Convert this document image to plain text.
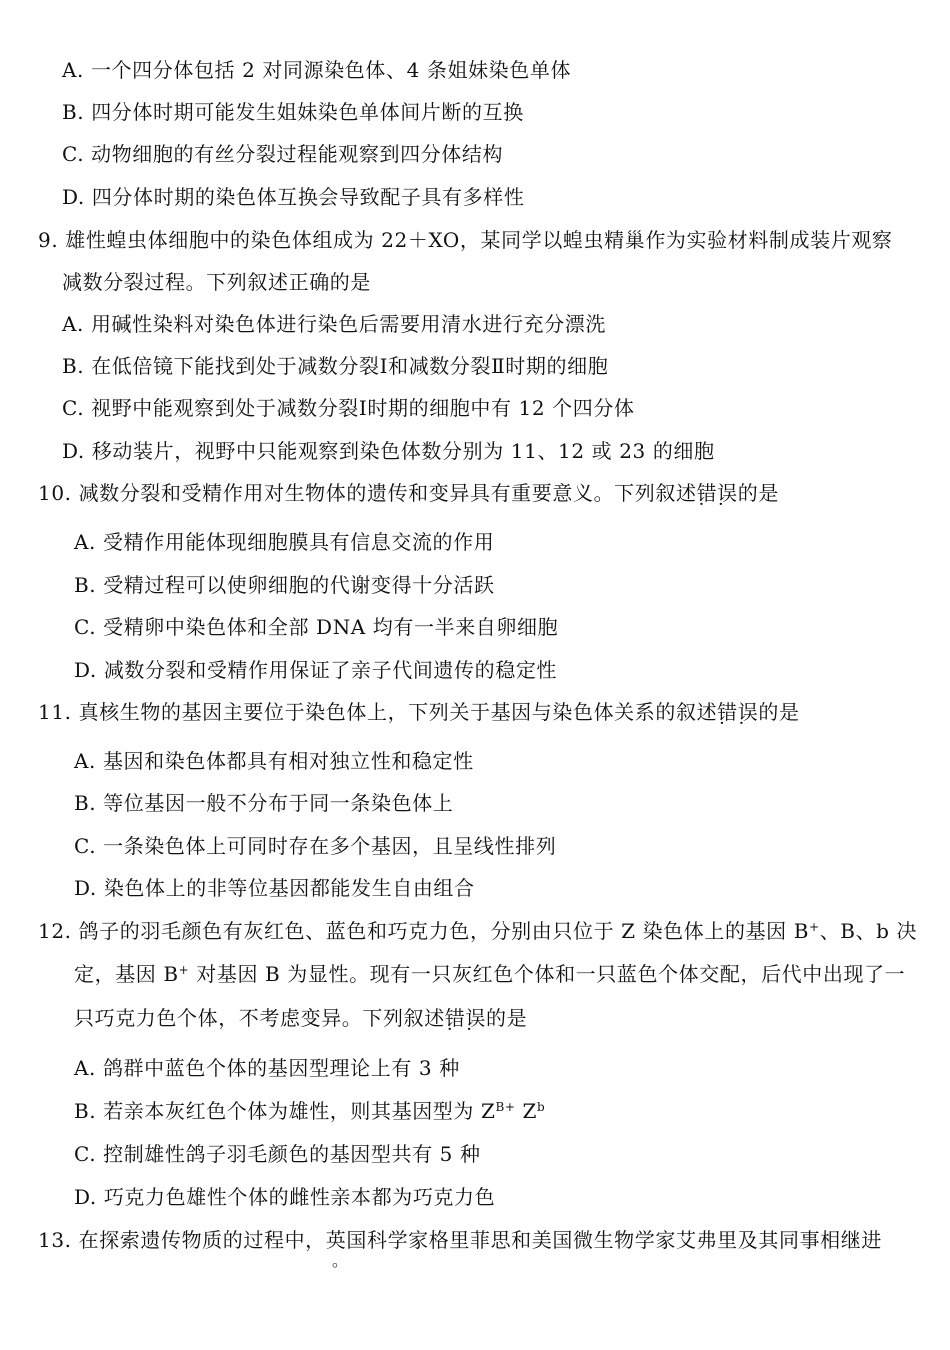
A. 一个四分体包括 2 对同源染色体、4 条姐妹染色单体
B. 四分体时期可能发生姐妹染色单体间片断的互换
C. 动物细胞的有丝分裂过程能观察到四分体结构
D. 四分体时期的染色体互换会导致配子具有多样性
9. 雄性蝗虫体细胞中的染色体组成为 22＋XO，某同学以蝗虫精巢作为实验材料制成装片观察
减数分裂过程。下列叙述正确的是
A. 用碱性染料对染色体进行染色后需要用清水进行充分漂洗
B. 在低倍镜下能找到处于减数分裂Ⅰ和减数分裂Ⅱ时期的细胞
C. 视野中能观察到处于减数分裂Ⅰ时期的细胞中有 12 个四分体
D. 移动装片，视野中只能观察到染色体数分别为 11、12 或 23 的细胞
10. 减数分裂和受精作用对生物体的遗传和变异具有重要意义。下列叙述错误 · ·的是
A. 受精作用能体现细胞膜具有信息交流的作用
B. 受精过程可以使卵细胞的代谢变得十分活跃
C. 受精卵中染色体和全部 DNA 均有一半来自卵细胞
D. 减数分裂和受精作用保证了亲子代间遗传的稳定性
11. 真核生物的基因主要位于染色体上，下列关于基因与染色体关系的叙述错误 · ·的是
A. 基因和染色体都具有相对独立性和稳定性
B. 等位基因一般不分布于同一条染色体上
C. 一条染色体上可同时存在多个基因，且呈线性排列
D. 染色体上的非等位基因都能发生自由组合
12. 鸽子的羽毛颜色有灰红色、蓝色和巧克力色，分别由只位于 Z 染色体上的基因 B+、B、b 决
定，基因 B+ 对基因 B 为显性。现有一只灰红色个体和一只蓝色个体交配，后代中出现了一
只巧克力色个体，不考虑变异。下列叙述错误 · ·的是
A. 鸽群中蓝色个体的基因型理论上有 3 种
B. 若亲本灰红色个体为雄性，则其基因型为 $Z^{B+}$ $Z^b$
C. 控制雄性鸽子羽毛颜色的基因型共有 5 种
D. 巧克力色雄性个体的雌性亲本都为巧克力色
13. 在探索遗传物质的过程中，英国科学家格里菲思和美国微生物学家艾弗里及其同事相继进
。
